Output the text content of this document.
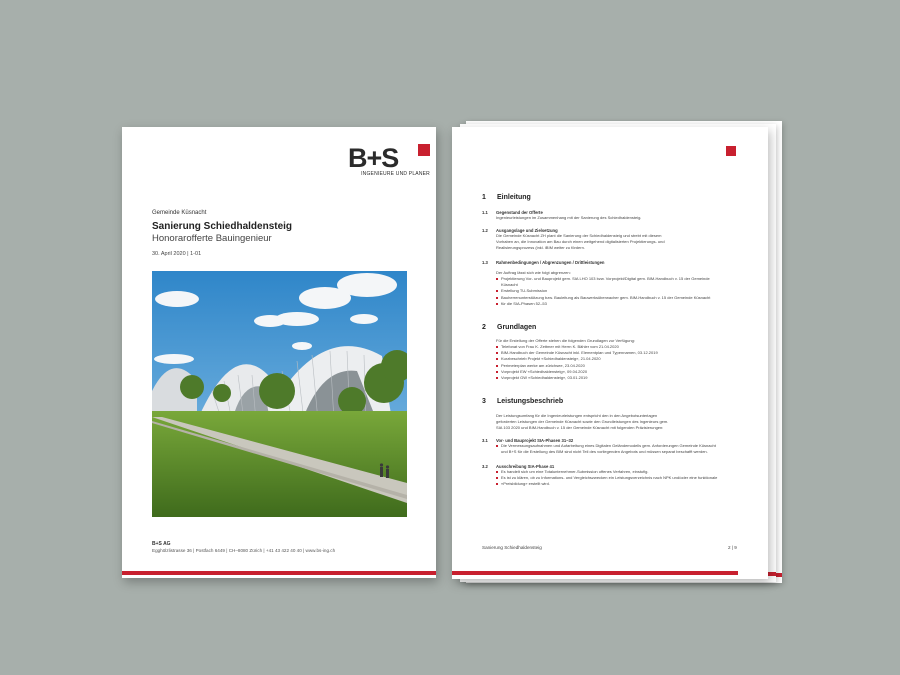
B+S
INGENIEURE UND PLANER
Gemeinde Küsnacht
Sanierung Schiedhaldensteig
Honorarofferte Bauingenieur
30. April 2020 | 1-01
B+S AG
Egghölzlistrasse 36 | Postfach 6449 | CH–8080 Zürich | +41 43 422 40 40 | www.bs-ing.ch
1 Einleitung
1.1 Gegenstand der Offerte
Ingenieurleistungen im Zusammenhang mit der Sanierung des Schiedhaldensteig.
1.2 Ausgangslage und Zielsetzung
Die Gemeinde Küsnacht ZH plant die Sanierung der Schiedhaldensteig und strebt mit diesem
Vorhaben an, die Innovation am Bau durch einen weitgehend digitalisierten Projektierungs- und
Realisierungsprozess (inkl. iBIM weiter zu fördern.
1.3 Rahmenbedingungen / Abgrenzungen / Drittleistungen
Der Auftrag lässt sich wie folgt abgrenzen:
Projektierung Vor- und Bauprojekt gem. SIA LHO 103 bzw. Vorprojekt/Digital gem. BIM-Handbuch v. 15 der Gemeinde
Küsnacht
Erstellung TU-Submission
Bauherrenunterstützung bzw. Bauleitung als Bauwerksüberwacher gem. BIM-Handbuch v. 15 der Gemeinde Küsnacht
für die SIA-Phasen 52–53
2 Grundlagen
Für die Erstellung der Offerte stehen die folgenden Grundlagen zur Verfügung:
Telefonat von Frau K. Zettmer mit Herrn K. Bähler vom 21.04.2020
BIM-Handbuch der Gemeinde Küsnacht inkl. Elementplan und Typennamen, 03.12.2019
Kurzbeschrieb Projekt «Schiedhaldensteig», 21.04.2020
Perimeterplan werke am zürichsee, 23.04.2020
Vorprojekt EW «Schiedhaldensteig», 09.04.2020
Vorprojekt GW «Schiedhaldensteig», 03.01.2019
3 Leistungsbeschrieb
Der Leistungsumfang für die Ingenieurleistungen entspricht den in den Angebotsunterlagen
geforderten Leistungen der Gemeinde Küsnacht sowie den Grundleistungen des Ingenieurs gem.
SIA 103 2020 und BIM-Handbuch v. 15 der Gemeinde Küsnacht mit folgenden Präzisierungen:
3.1 Vor- und Bauprojekt SIA-Phasen 31–32
Die Vermessungsaufnahmen und Aufarbeitung eines Digitalen Geländemodells gem. Anforderungen Gemeinde Küsnacht
und B+S für die Erstellung des BIM sind nicht Teil des vorliegenden Angebots und müssen separat beschafft werden.
3.2 Ausschreibung SIA-Phase 41
Es handelt sich um eine Totalunternehmer-Submission offenes Verfahren, einstufig.
Es ist zu klären, ob zu Informations- und Vergleichszwecken ein Leistungsverzeichnis nach NPK und/oder eine funktionale
«Preisbildung» erstellt wird.
Sanierung Schiedhaldensteig	2 | 9
